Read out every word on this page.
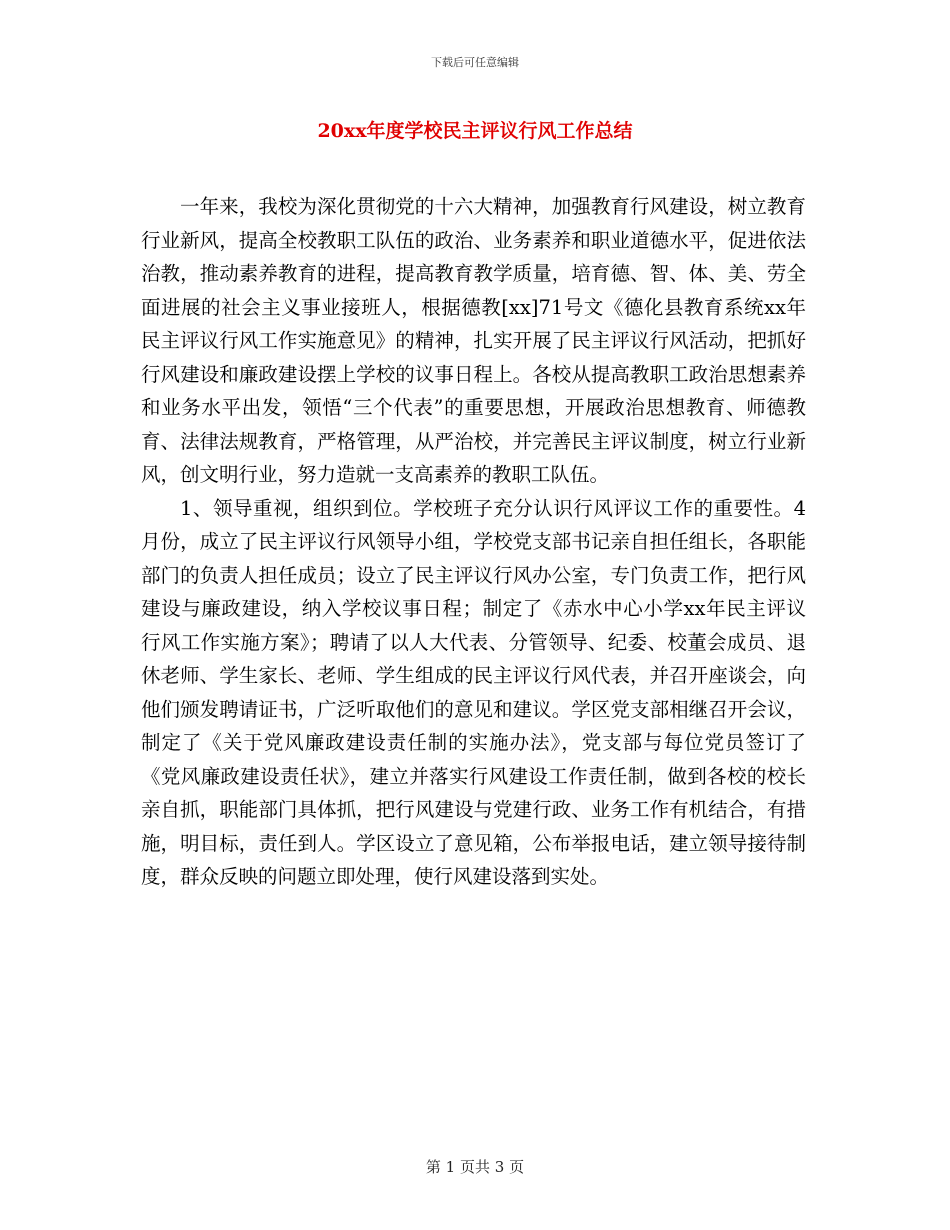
下载后可任意编辑
20xx年度学校民主评议行风工作总结

一年来，我校为深化贯彻党的十六大精神，加强教育行风建设，树立教育行业新风，提高全校教职工队伍的政治、业务素养和职业道德水平，促进依法治教，推动素养教育的进程，提高教育教学质量，培育德、智、体、美、劳全面进展的社会主义事业接班人，根据德教[xx]71号文《德化县教育系统xx年民主评议行风工作实施意见》的精神，扎实开展了民主评议行风活动，把抓好行风建设和廉政建设摆上学校的议事日程上。各校从提高教职工政治思想素养和业务水平出发，领悟“三个代表”的重要思想，开展政治思想教育、师德教育、法律法规教育，严格管理，从严治校，并完善民主评议制度，树立行业新风，创文明行业，努力造就一支高素养的教职工队伍。

1、领导重视，组织到位。学校班子充分认识行风评议工作的重要性。4月份，成立了民主评议行风领导小组，学校党支部书记亲自担任组长，各职能部门的负责人担任成员；设立了民主评议行风办公室，专门负责工作，把行风建设与廉政建设，纳入学校议事日程；制定了《赤水中心小学xx年民主评议行风工作实施方案》；聘请了以人大代表、分管领导、纪委、校董会成员、退休老师、学生家长、老师、学生组成的民主评议行风代表，并召开座谈会，向他们颁发聘请证书，广泛听取他们的意见和建议。学区党支部相继召开会议，制定了《关于党风廉政建设责任制的实施办法》，党支部与每位党员签订了《党风廉政建设责任状》，建立并落实行风建设工作责任制，做到各校的校长亲自抓，职能部门具体抓，把行风建设与党建行政、业务工作有机结合，有措施，明目标，责任到人。学区设立了意见箱，公布举报电话，建立领导接待制度，群众反映的问题立即处理，使行风建设落到实处。

第 1 页共 3 页
